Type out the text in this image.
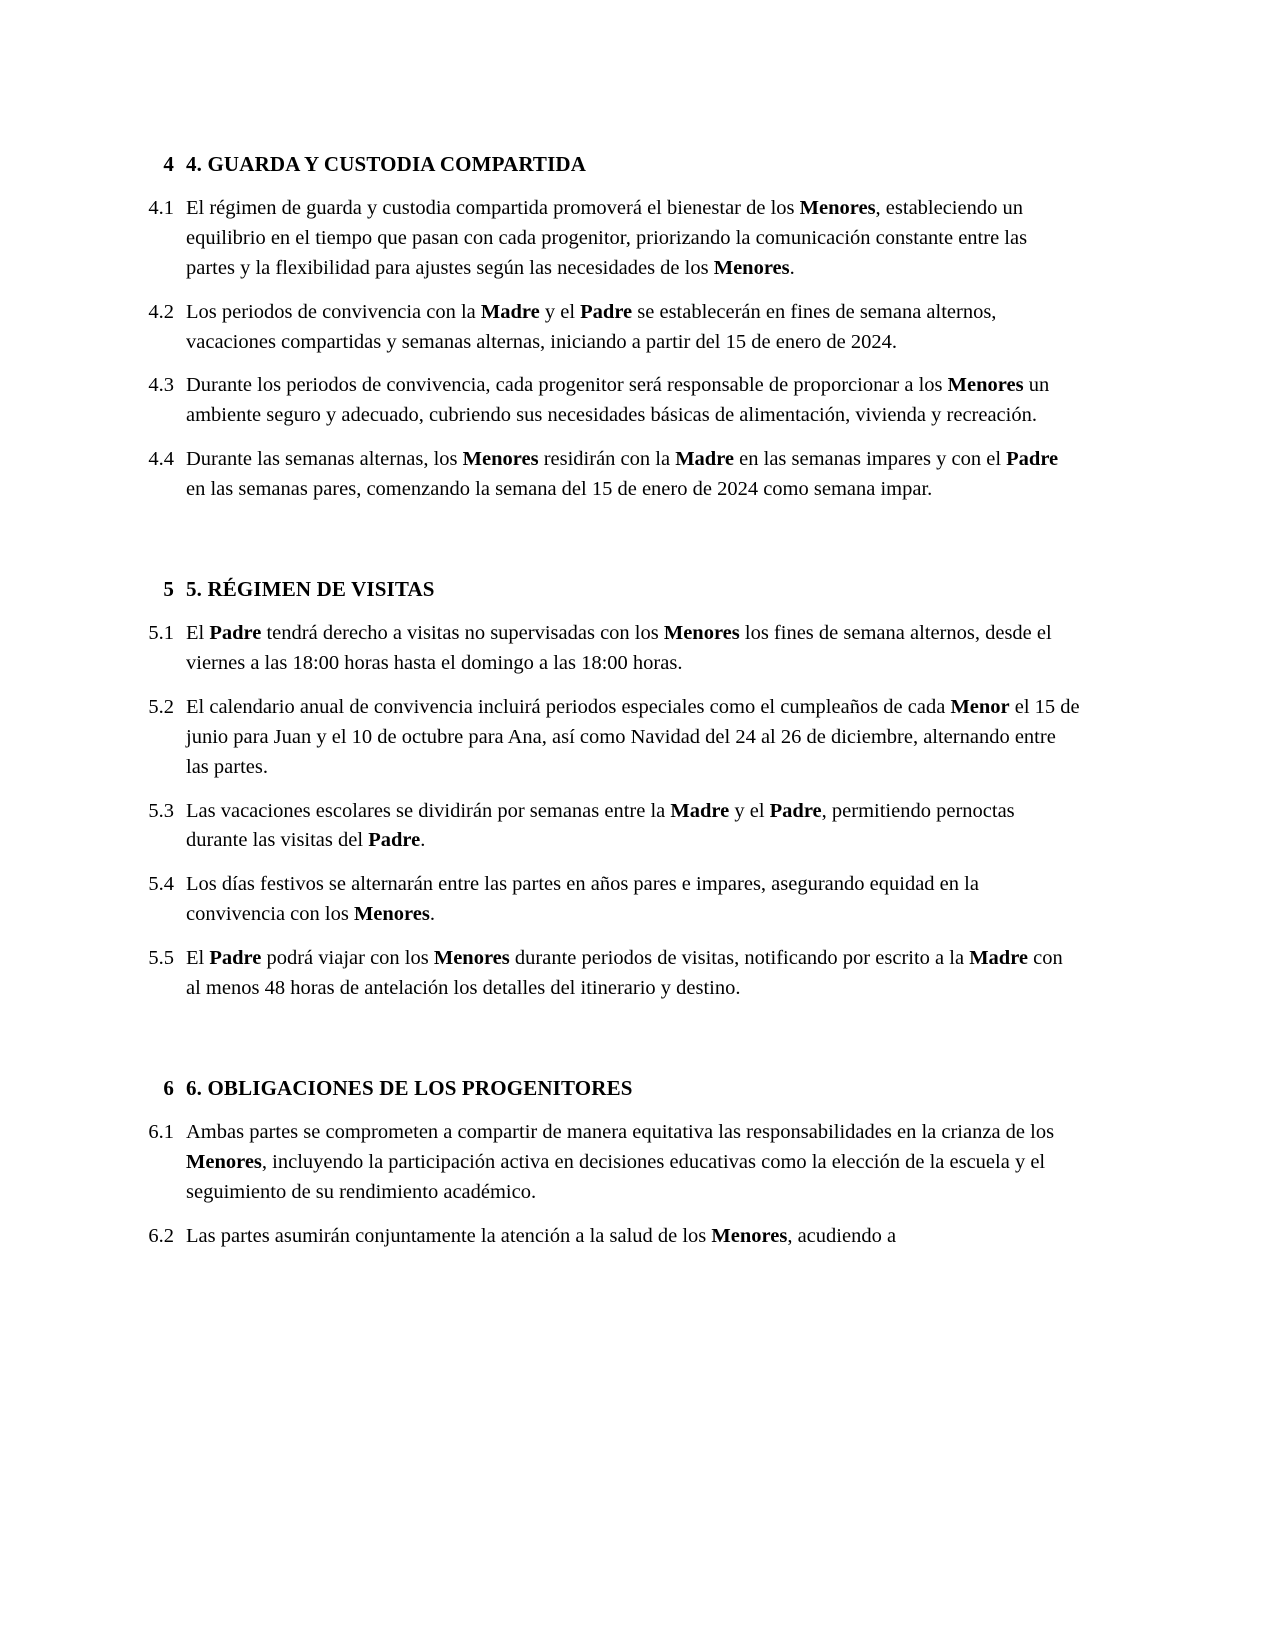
4 4. GUARDA Y CUSTODIA COMPARTIDA
4.1 El régimen de guarda y custodia compartida promoverá el bienestar de los Menores, estableciendo un equilibrio en el tiempo que pasan con cada progenitor, priorizando la comunicación constante entre las partes y la flexibilidad para ajustes según las necesidades de los Menores.
4.2 Los periodos de convivencia con la Madre y el Padre se establecerán en fines de semana alternos, vacaciones compartidas y semanas alternas, iniciando a partir del 15 de enero de 2024.
4.3 Durante los periodos de convivencia, cada progenitor será responsable de proporcionar a los Menores un ambiente seguro y adecuado, cubriendo sus necesidades básicas de alimentación, vivienda y recreación.
4.4 Durante las semanas alternas, los Menores residirán con la Madre en las semanas impares y con el Padre en las semanas pares, comenzando la semana del 15 de enero de 2024 como semana impar.
5 5. RÉGIMEN DE VISITAS
5.1 El Padre tendrá derecho a visitas no supervisadas con los Menores los fines de semana alternos, desde el viernes a las 18:00 horas hasta el domingo a las 18:00 horas.
5.2 El calendario anual de convivencia incluirá periodos especiales como el cumpleaños de cada Menor el 15 de junio para Juan y el 10 de octubre para Ana, así como Navidad del 24 al 26 de diciembre, alternando entre las partes.
5.3 Las vacaciones escolares se dividirán por semanas entre la Madre y el Padre, permitiendo pernoctas durante las visitas del Padre.
5.4 Los días festivos se alternarán entre las partes en años pares e impares, asegurando equidad en la convivencia con los Menores.
5.5 El Padre podrá viajar con los Menores durante periodos de visitas, notificando por escrito a la Madre con al menos 48 horas de antelación los detalles del itinerario y destino.
6 6. OBLIGACIONES DE LOS PROGENITORES
6.1 Ambas partes se comprometen a compartir de manera equitativa las responsabilidades en la crianza de los Menores, incluyendo la participación activa en decisiones educativas como la elección de la escuela y el seguimiento de su rendimiento académico.
6.2 Las partes asumirán conjuntamente la atención a la salud de los Menores, acudiendo a
